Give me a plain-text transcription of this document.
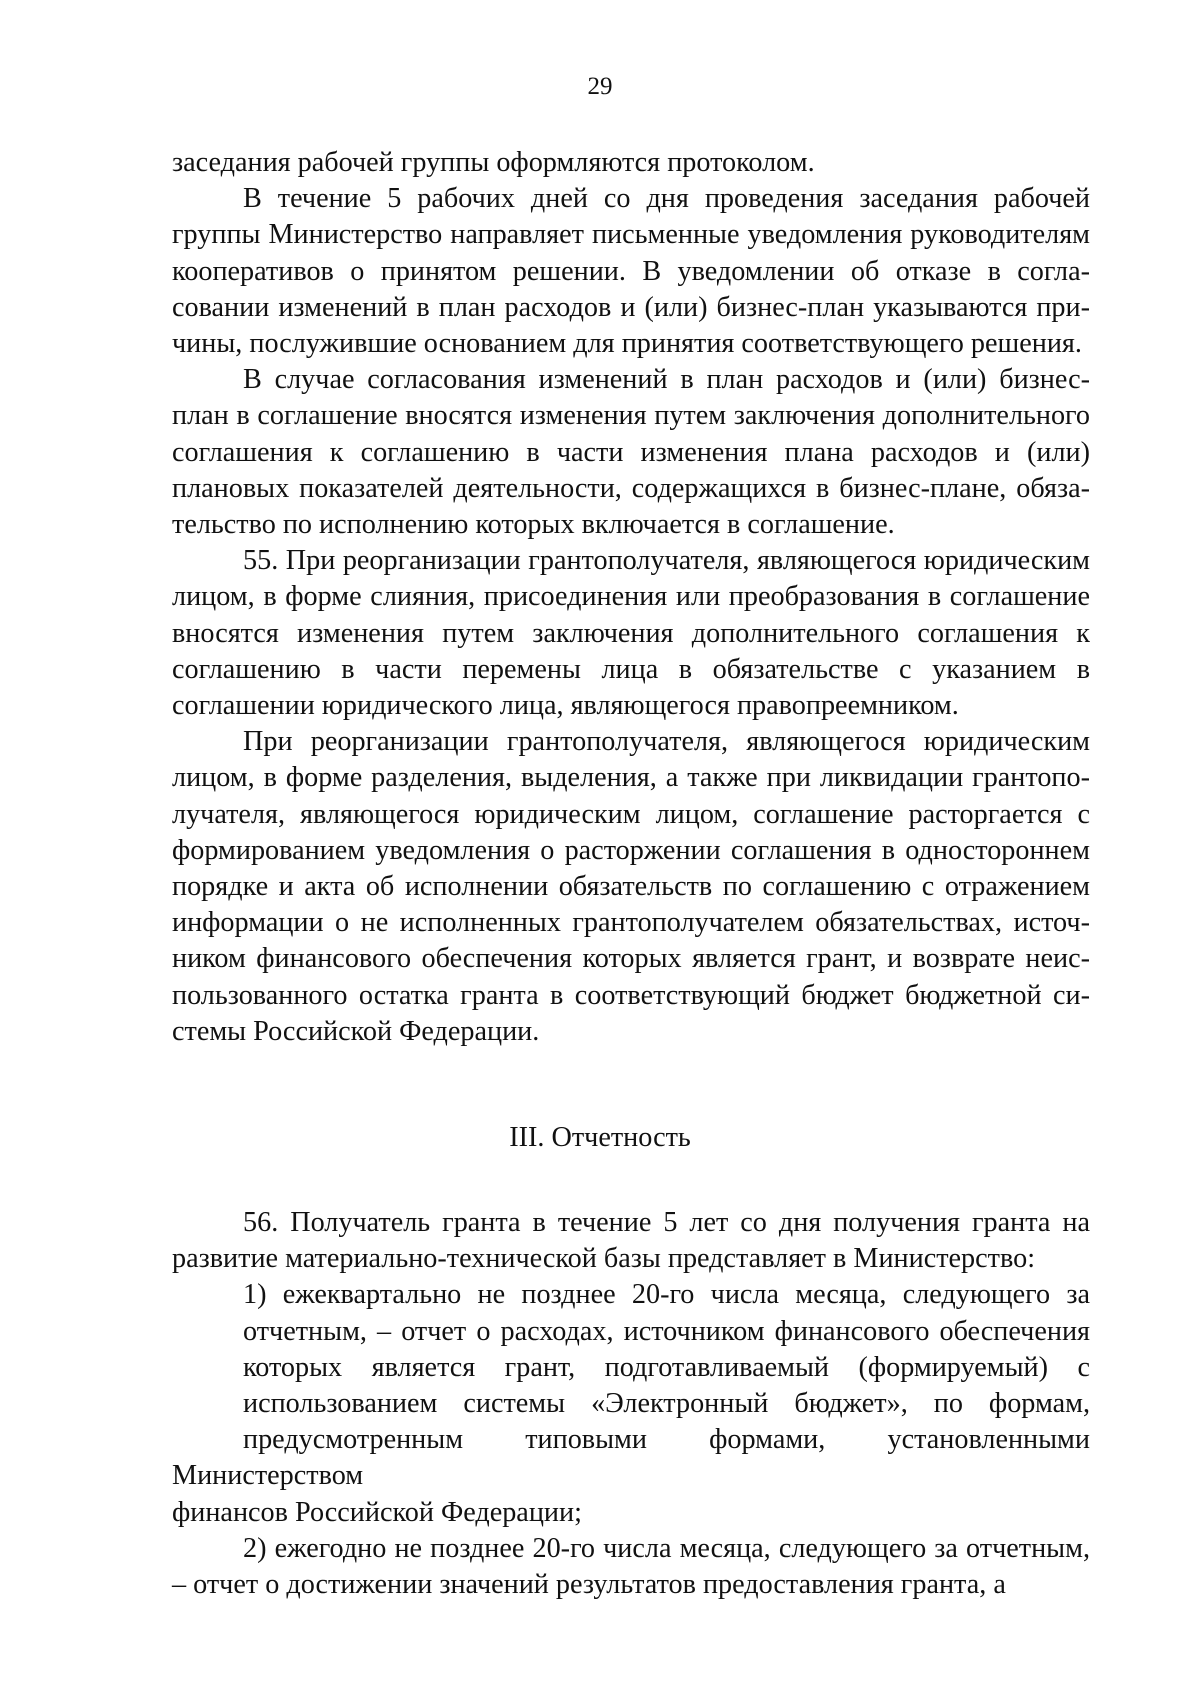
29

заседания рабочей группы оформляются протоколом.

В течение 5 рабочих дней со дня проведения заседания рабочей группы Министерство направляет письменные уведомления руководителям кооперативов о принятом решении. В уведомлении об отказе в согласовании изменений в план расходов и (или) бизнес-план указываются причины, послужившие основанием для принятия соответствующего решения.

В случае согласования изменений в план расходов и (или) бизнес-план в соглашение вносятся изменения путем заключения дополнительного соглашения к соглашению в части изменения плана расходов и (или) плановых показателей деятельности, содержащихся в бизнес-плане, обязательство по исполнению которых включается в соглашение.

55. При реорганизации грантополучателя, являющегося юридическим лицом, в форме слияния, присоединения или преобразования в соглашение вносятся изменения путем заключения дополнительного соглашения к соглашению в части перемены лица в обязательстве с указанием в соглашении юридического лица, являющегося правопреемником.

При реорганизации грантополучателя, являющегося юридическим лицом, в форме разделения, выделения, а также при ликвидации грантополучателя, являющегося юридическим лицом, соглашение расторгается с формированием уведомления о расторжении соглашения в одностороннем порядке и акта об исполнении обязательств по соглашению с отражением информации о не исполненных грантополучателем обязательствах, источником финансового обеспечения которых является грант, и возврате неиспользованного остатка гранта в соответствующий бюджет бюджетной системы Российской Федерации.

III. Отчетность

56. Получатель гранта в течение 5 лет со дня получения гранта на развитие материально-технической базы представляет в Министерство:

1) ежеквартально не позднее 20-го числа месяца, следующего за
отчетным, – отчет о расходах, источником финансового обеспечения
которых является грант, подготавливаемый (формируемый) с
использованием системы «Электронный бюджет», по формам,
предусмотренным типовыми формами, установленными Министерством
финансов Российской Федерации;

2) ежегодно не позднее 20-го числа месяца, следующего за отчетным, – отчет о достижении значений результатов предоставления гранта, а
